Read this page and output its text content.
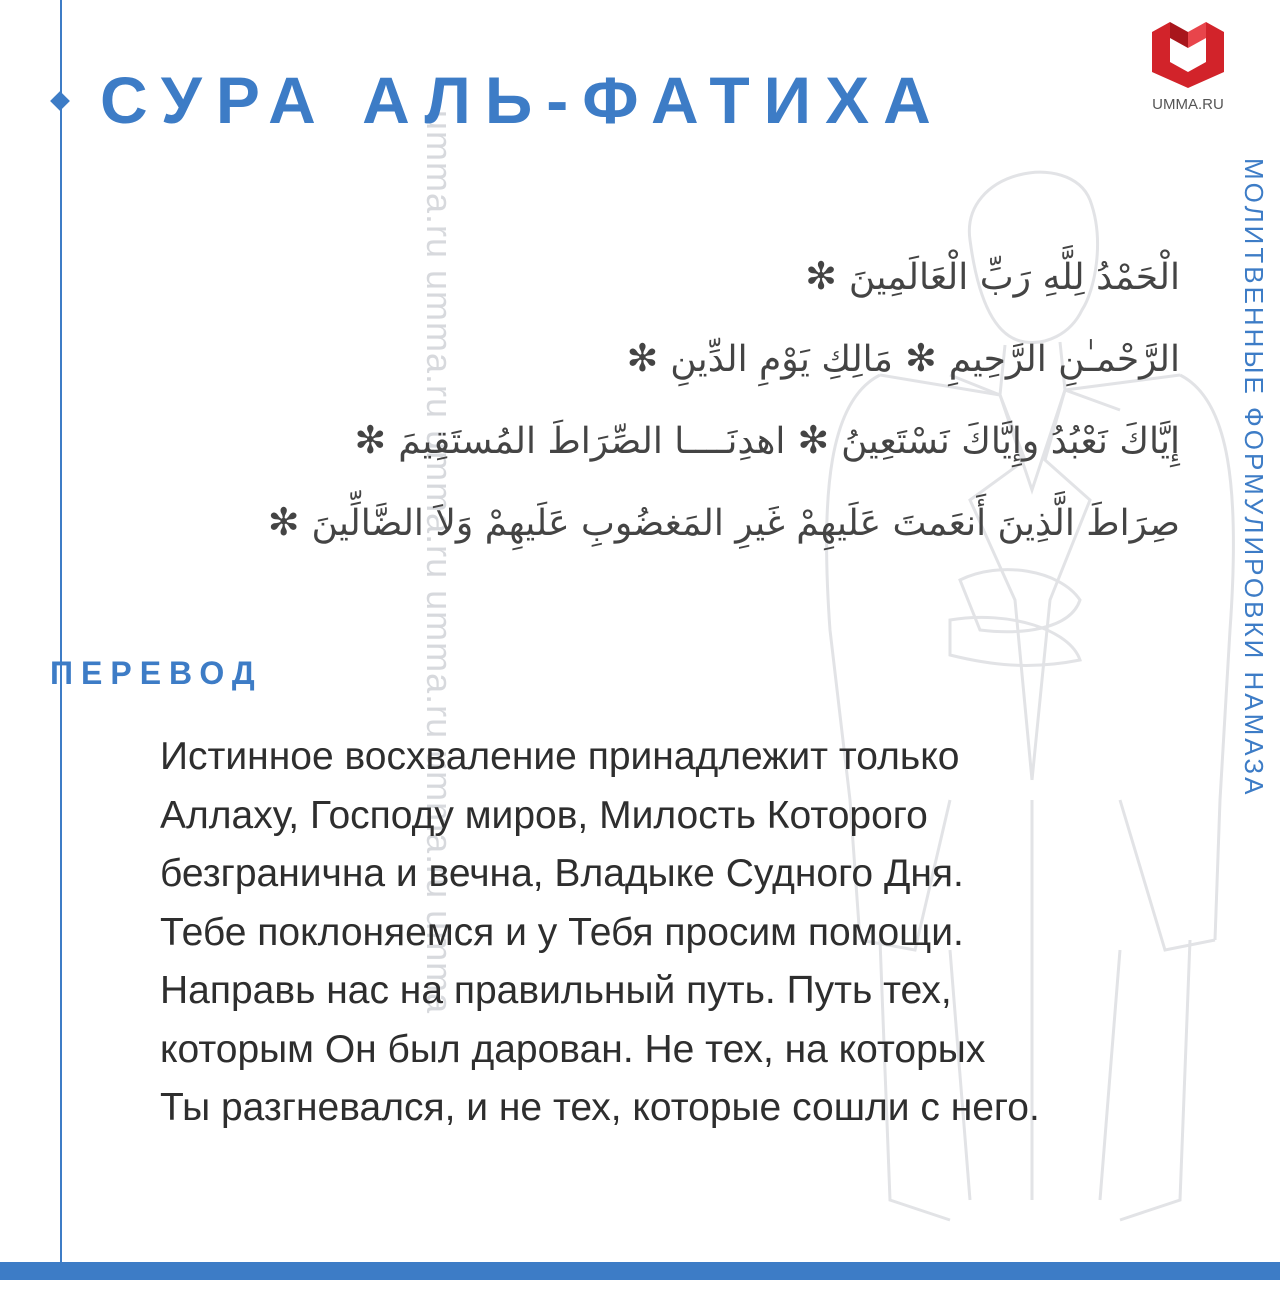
umma.ru umma.ru umma.ru umma.ru umma.ru umma
СУРА АЛЬ-ФАТИХА	UMMA.RU
МОЛИТВЕННЫЕ ФОРМУЛИРОВКИ НАМАЗА
الْحَمْدُ لِلَّهِ رَبِّ الْعَالَمِينَ✻
الرَّحْمـٰنِ الرَّحِيمِ✻مَالِكِ يَوْمِ الدِّينِ✻
إِيَّاكَ نَعْبُدُ وإِيَّاكَ نَسْتَعِينُ✻اهدِنَــــا الصِّرَاطَ المُستَقِيمَ✻
صِرَاطَ الَّذِينَ أَنعَمتَ عَلَيهِمْ غَيرِ المَغضُوبِ عَلَيهِمْ وَلاَ الضَّالِّينَ✻
ПЕРЕВОД
Истинное восхваление принадлежит только
Аллаху, Господу миров, Милость Которого
безгранична и вечна, Владыке Судного Дня.
Тебе поклоняемся и у Тебя просим помощи.
Направь нас на правильный путь. Путь тех,
которым Он был дарован. Не тех, на которых
Ты разгневался, и не тех, которые сошли с него.
